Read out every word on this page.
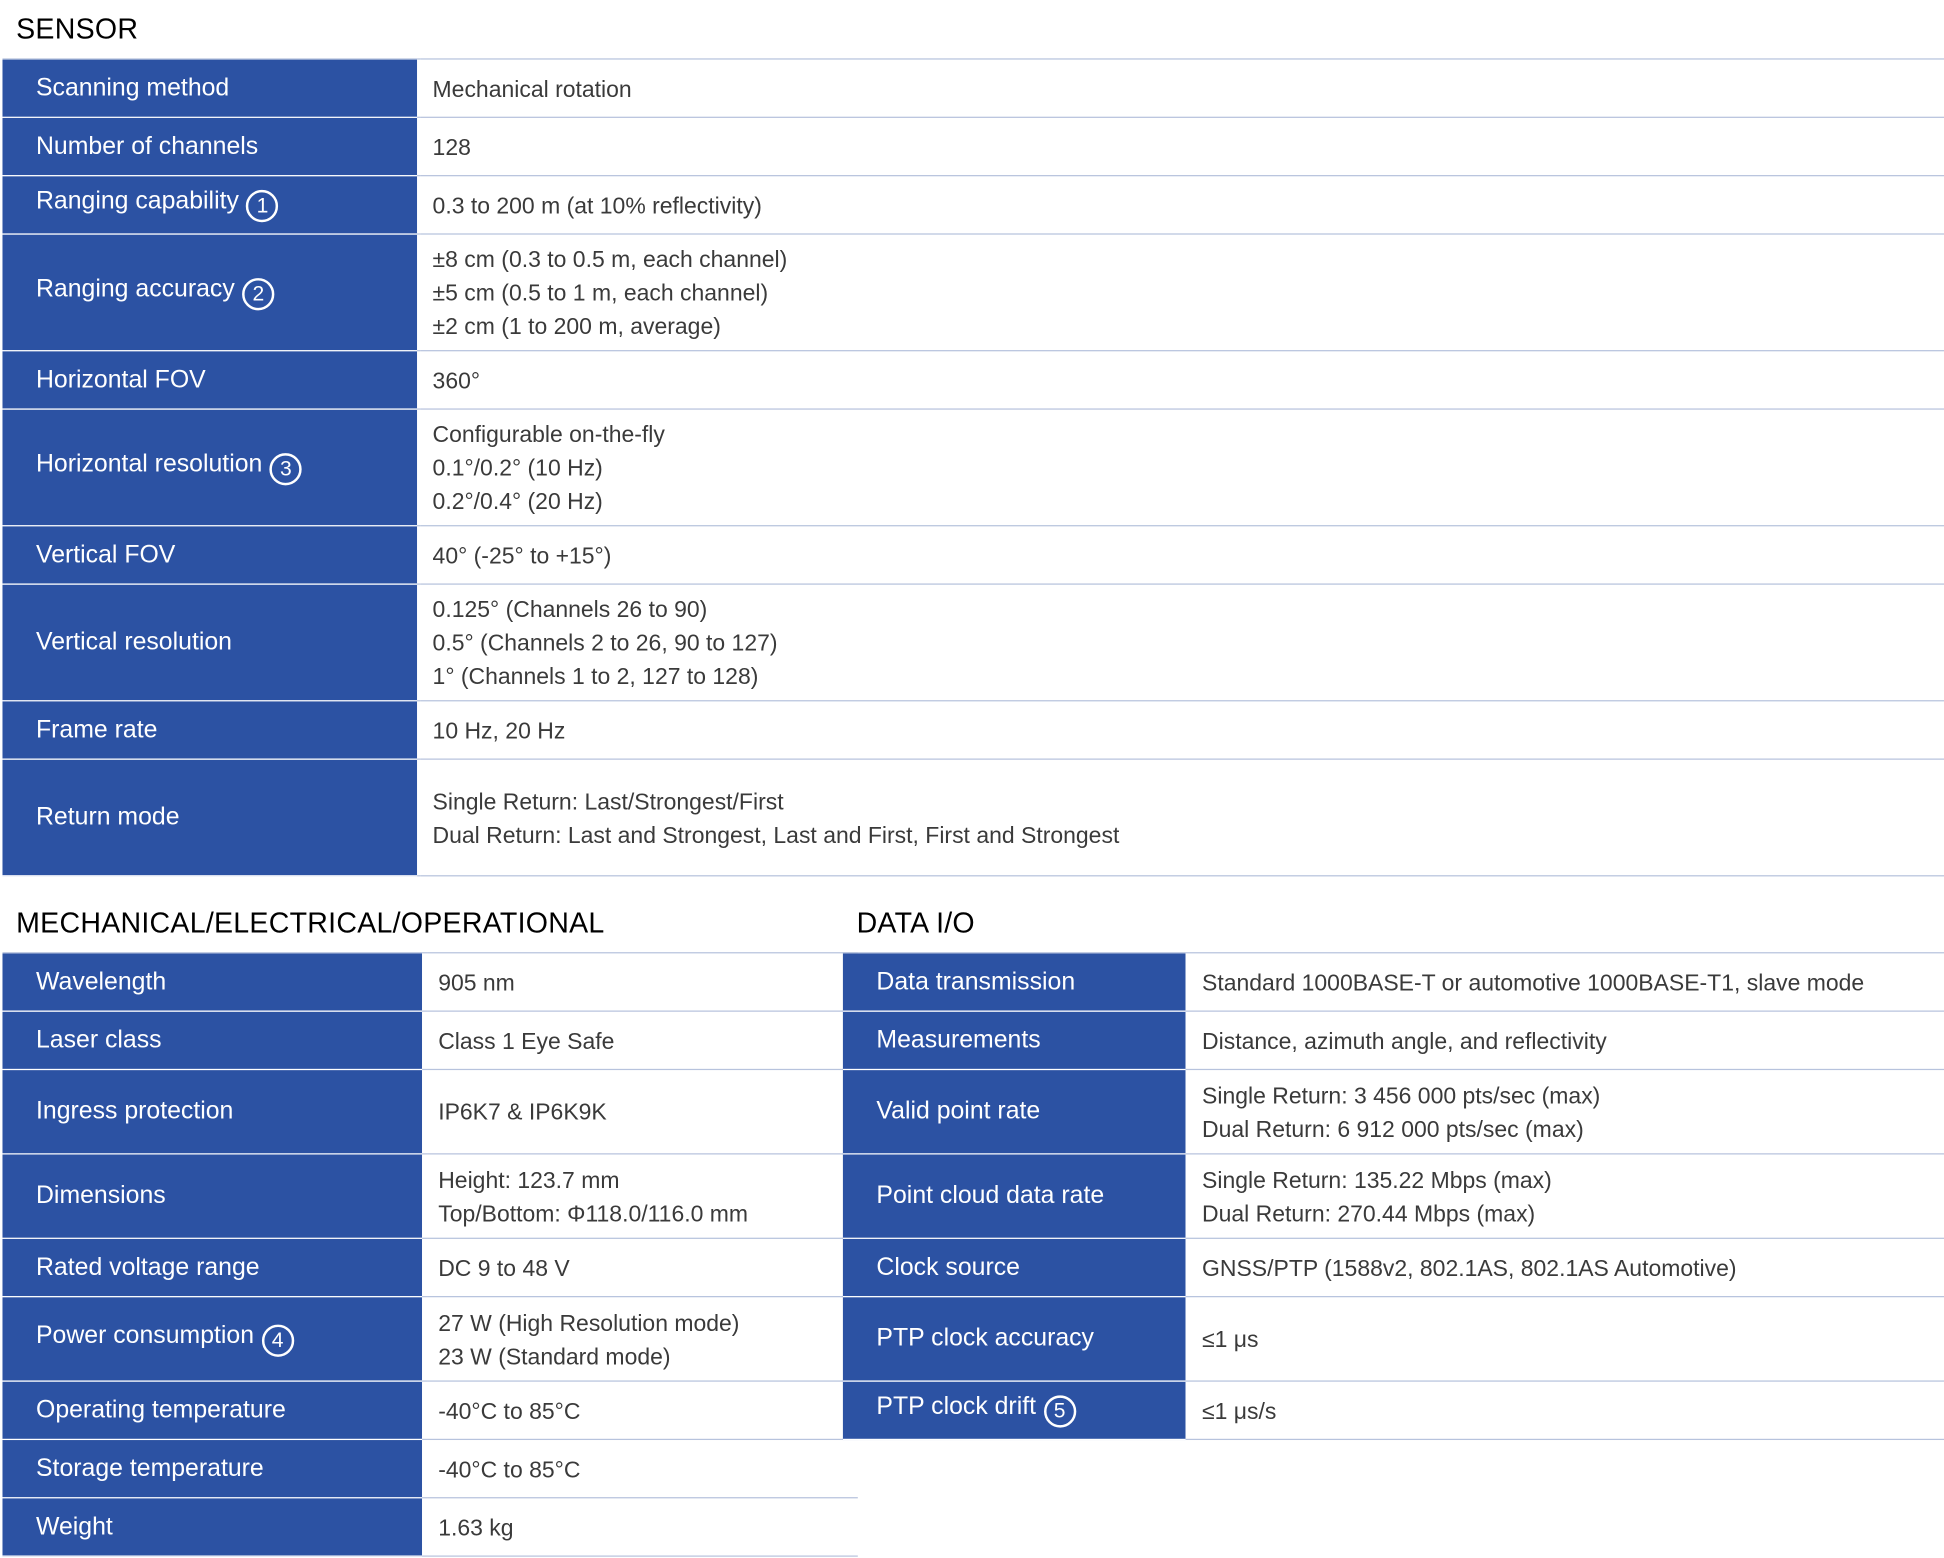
SENSOR
Scanning method		Mechanical rotation

Number of channels		128

Ranging capability 1		0.3 to 200 m (at 10% reflectivity)

Ranging accuracy 2		±8 cm (0.3 to 0.5 m, each channel)
±5 cm (0.5 to 1 m, each channel)
±2 cm (1 to 200 m, average)

Horizontal FOV		360°

Horizontal resolution 3		Configurable on-the-fly
0.1°/0.2° (10 Hz)
0.2°/0.4° (20 Hz)

Vertical FOV		40° (-25° to +15°)

Vertical resolution		0.125° (Channels 26 to 90)
0.5° (Channels 2 to 26, 90 to 127)
1° (Channels 1 to 2, 127 to 128)

Frame rate		10 Hz, 20 Hz

Return mode		Single Return: Last/Strongest/First
Dual Return: Last and Strongest, Last and First, First and Strongest
MECHANICAL/ELECTRICAL/OPERATIONAL
Wavelength		905 nm

Laser class		Class 1 Eye Safe

Ingress protection		IP6K7 & IP6K9K

Dimensions		Height: 123.7 mm
Top/Bottom: Φ118.0/116.0 mm

Rated voltage range		DC 9 to 48 V

Power consumption 4		27 W (High Resolution mode)
23 W (Standard mode)

Operating temperature		-40°C to 85°C

Storage temperature		-40°C to 85°C

Weight		1.63 kg
DATA I/O
Data transmission		Standard 1000BASE-T or automotive 1000BASE-T1, slave mode

Measurements		Distance, azimuth angle, and reflectivity

Valid point rate		Single Return: 3 456 000 pts/sec (max)
Dual Return: 6 912 000 pts/sec (max)

Point cloud data rate		Single Return: 135.22 Mbps (max)
Dual Return: 270.44 Mbps (max)

Clock source		GNSS/PTP (1588v2, 802.1AS, 802.1AS Automotive)

PTP clock accuracy		≤1 μs

PTP clock drift 5		≤1 μs/s
